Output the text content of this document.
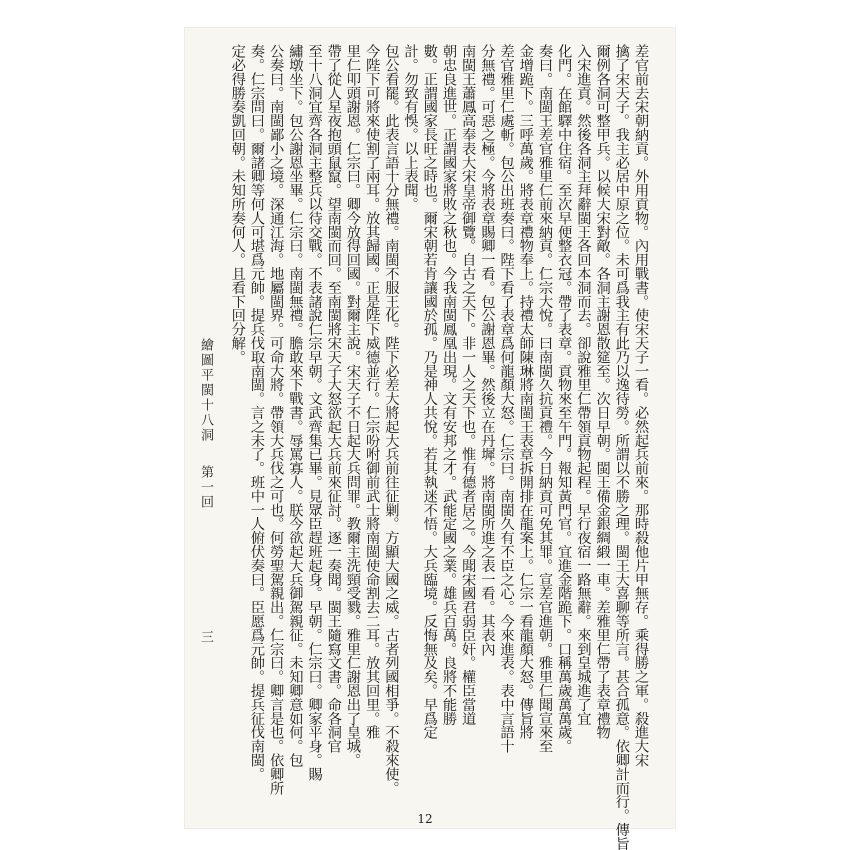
繪圖平閩十八洞第一回三	差官前去宋朝納貢。外用貢物。內用戰書。使宋天子一看。必然起兵前來。那時殺他片甲無存。乘得勝之軍。殺進大宋
擒了宋天子。我主必居中原之位。未可爲我主有此乃以逸待勞。所謂以不勝之理。閩王大喜聊等所言。甚合孤意。依卿計而行。傳旨
爾例各洞可整甲兵。以候大宋對敵。各洞主謝恩散筵至。次日早朝。閩王備金銀綢緞一車。差雅里仁帶了表章禮物
入宋進貢。然後各洞主拜辭閩王各回本洞而去。卻說雅里仁帶領貢物起程。早行夜宿一路無辭。來到皇城進了宜
化門。在館驛中住宿。至次早便整衣冠。帶了表章。貢物來至午門。報知黃門官。宜進金階跪下。口稱萬歲萬萬歲。
奏曰。南閩王差官雅里仁前來納貢。仁宗大悅。曰南閩久抗貢禮。今日納貢可免其罪。宣差官進朝。雅里仁聞宣來至
金增跪下。三呼萬歲。將表章禮物奉上。持禮太師陳琳將南閩王表章拆開排在龍案上。仁宗一看龍顏大怒。傳旨將
差官雅里仁處斬。包公出班奏曰。陛下看了表章爲何龍顏大怒。仁宗曰。南閩久有不臣之心。今來進表。表中言語十
分無禮。可惡之極。今將表章賜卿一看。包公謝恩畢。然後立在丹墀。將南閩所進之表一看。其表內
南閩王蕭鳳高奉表大宋皇帝御覽。自古之天下。非一人之天下也。惟有德者居之。今聞宋國君弱臣奸。權臣當道
朝忠良進世。正謂國家將敗之秋也。今我南閩鳳凰出現。文有安邦之才。武能定國之業。雄兵百萬。良將不能勝
數。正謂國家長旺之時也。爾宋朝若肯讓國於孤。乃是神人共悅。若其執迷不悟。大兵臨境。反悔無及矣。早爲定
計。勿致有悞。以上表聞。
包公看罷。此表言語十分無禮。南閩不服王化。陛下必差大將起大兵前往征剿。方顯大國之威。古者列國相爭。不殺來使。
今陛下可將來使割了兩耳。放其歸國。正是陛下威德並行。仁宗吩咐御前武士將南閩使命割去二耳。放其回里。雅
里仁叩頭謝恩。仁宗曰。卿今放得回國。對爾主說。宋天子不日起大兵問罪。教爾主洗頸受戮。雅里仁謝恩出了皇城。
帶了從人星夜抱頭鼠竄。望南閩而回。至南閩將宋天子大怒欲起大兵前來征討。逐一奏聞。閩王隨寫文書。命各洞官
至十八洞宜齊各洞主整兵以待交戰。不表諸說仁宗早朝。文武齊集已畢。見眾臣趕班起身。早朝。仁宗曰。卿家平身。賜
繡墩坐下。包公謝恩坐畢。仁宗曰。南閩無禮。膽敢來下戰書。辱罵寡人。朕今欲起大兵御駕親征。未知卿意如何。包
公奏曰。南閩鄙小之境。深通江海。地屬閩界。可命大將。帶領大兵伐之可也。何勞聖駕親出。仁宗曰。卿言是也。依卿所
奏。仁宗問曰。爾諸卿等何人可堪爲元帥。提兵伐取南閩。言之未了。班中一人俯伏奏曰。臣愿爲元帥。提兵征伐南閩。
定必得勝奏凱回朝。未知所奏何人。且看下回分解。
12
